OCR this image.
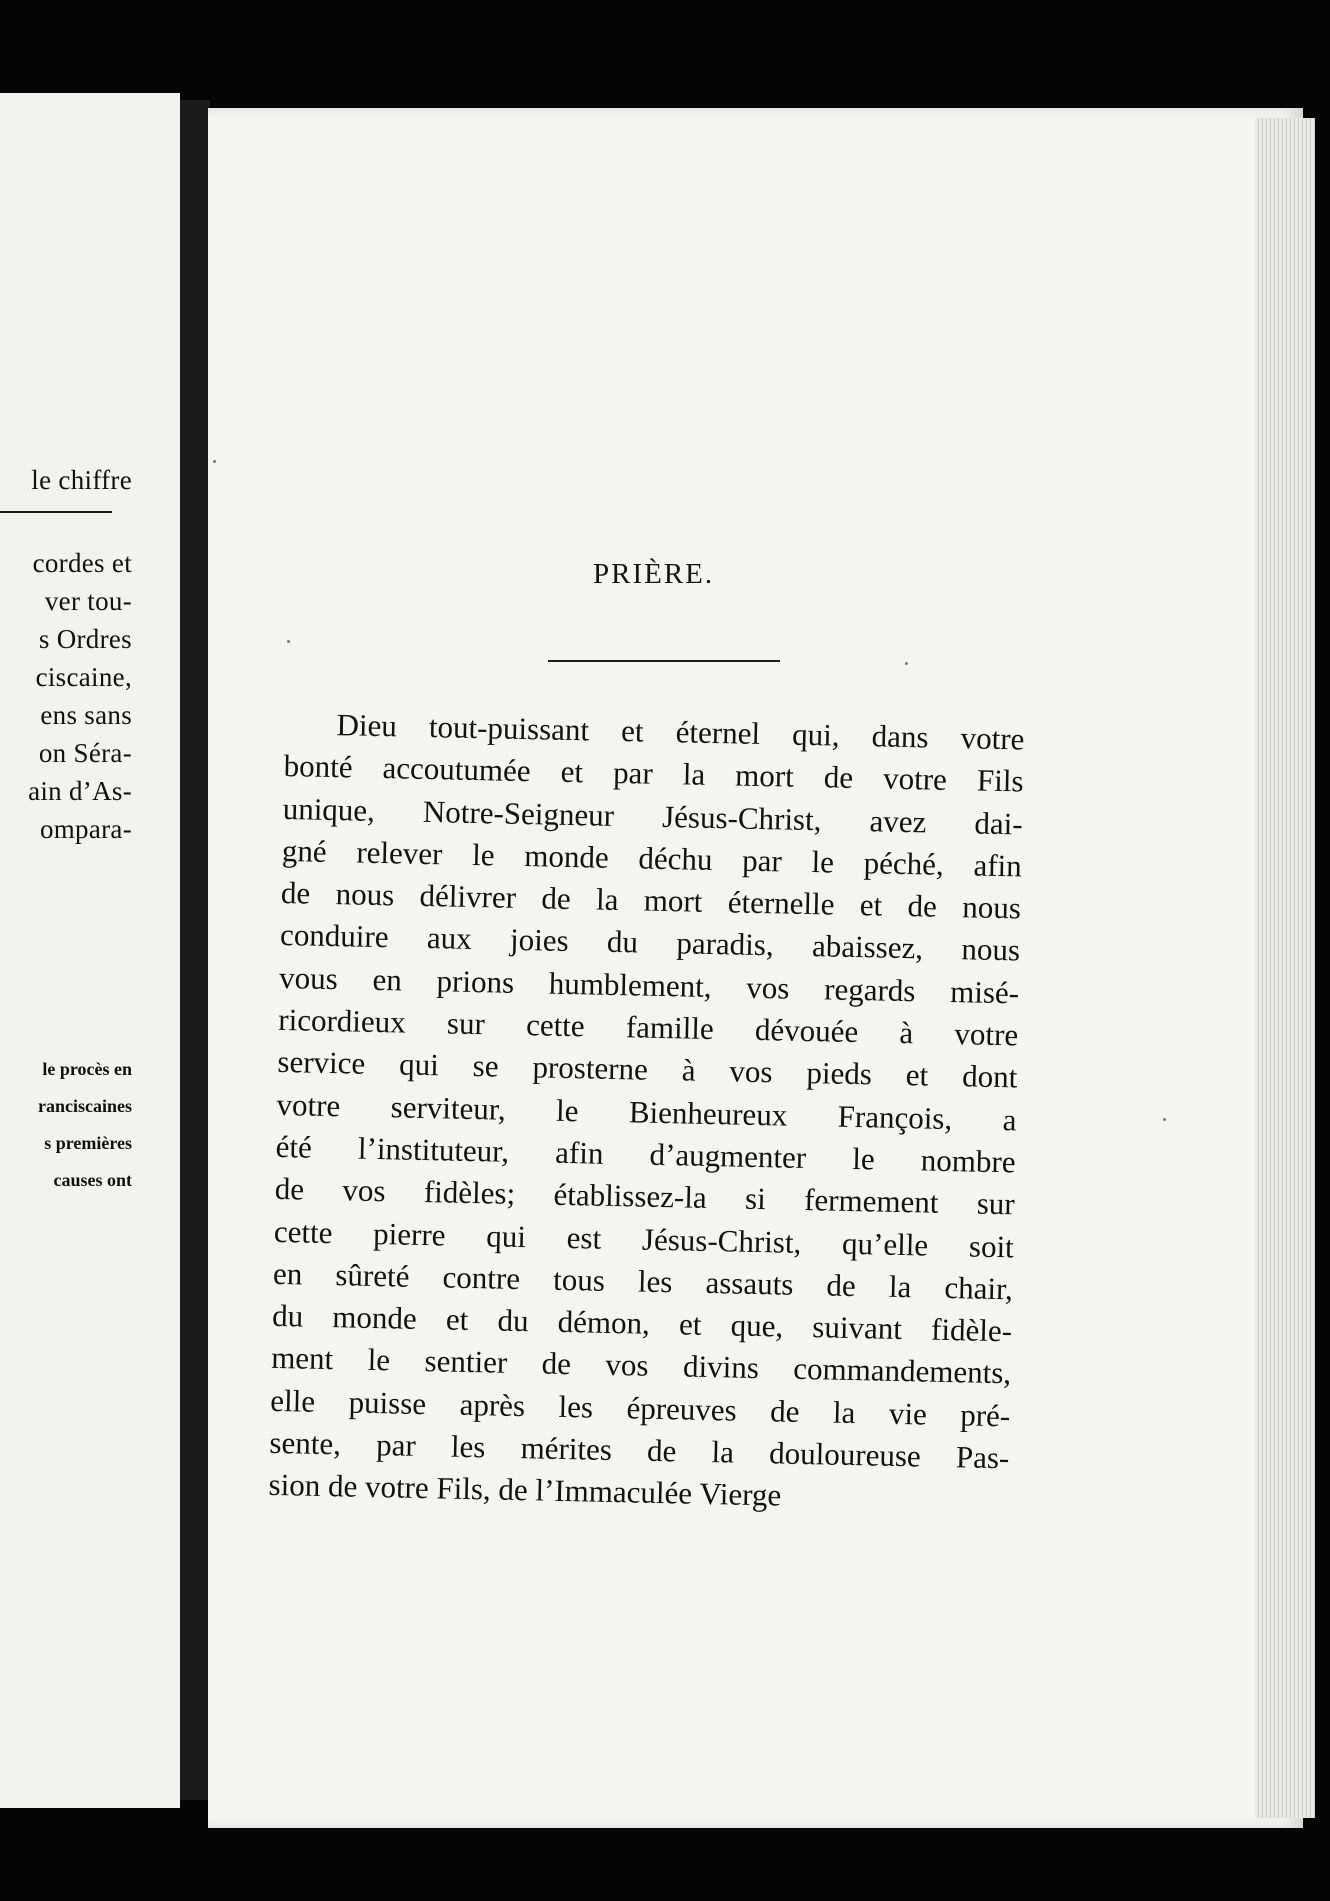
le chiffre
cordes et
ver tou-
s Ordres
ciscaine,
ens sans
on Séra-
ain d’As-
ompara-
le procès en
ranciscaines
s premières
causes ont
PRIÈRE.
Dieu tout-puissant et éternel qui, dans votre
bonté accoutumée et par la mort de votre Fils
unique, Notre-Seigneur Jésus-Christ, avez dai-
gné relever le monde déchu par le péché, afin
de nous délivrer de la mort éternelle et de nous
conduire aux joies du paradis, abaissez, nous
vous en prions humblement, vos regards misé-
ricordieux sur cette famille dévouée à votre
service qui se prosterne à vos pieds et dont
votre serviteur, le Bienheureux François, a
été l’instituteur, afin d’augmenter le nombre
de vos fidèles; établissez-la si fermement sur
cette pierre qui est Jésus-Christ, qu’elle soit
en sûreté contre tous les assauts de la chair,
du monde et du démon, et que, suivant fidèle-
ment le sentier de vos divins commandements,
elle puisse après les épreuves de la vie pré-
sente, par les mérites de la douloureuse Pas-
sion de votre Fils, de l’Immaculée Vierge
